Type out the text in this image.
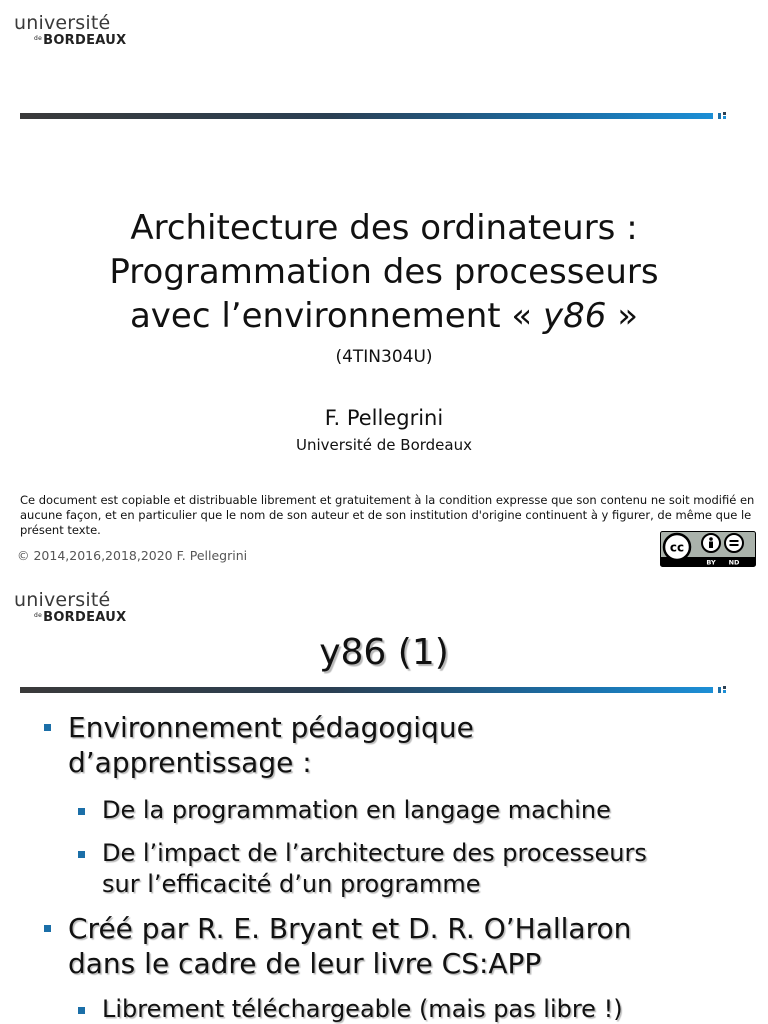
université
$^{de}$BORDEAUX
Architecture des ordinateurs :
Programmation des processeurs
avec l’environnement « y86 »
(4TIN304U)
F. Pellegrini
Université de Bordeaux
Ce document est copiable et distribuable librement et gratuitement à la condition expresse que son contenu ne soit modifié en aucune façon, et en particulier que le nom de son auteur et de son institution d'origine continuent à y figurer, de même que le présent texte.
© 2014,2016,2018,2020 F. Pellegrini
cc
BY ND
université
$^{de}$BORDEAUX
y86 (1)
Environnement pédagogique
d’apprentissage :
De la programmation en langage machine
De l’impact de l’architecture des processeurs
sur l’efficacité d’un programme
Créé par R. E. Bryant et D. R. O’Hallaron
dans le cadre de leur livre CS:APP
Librement téléchargeable (mais pas libre !)
